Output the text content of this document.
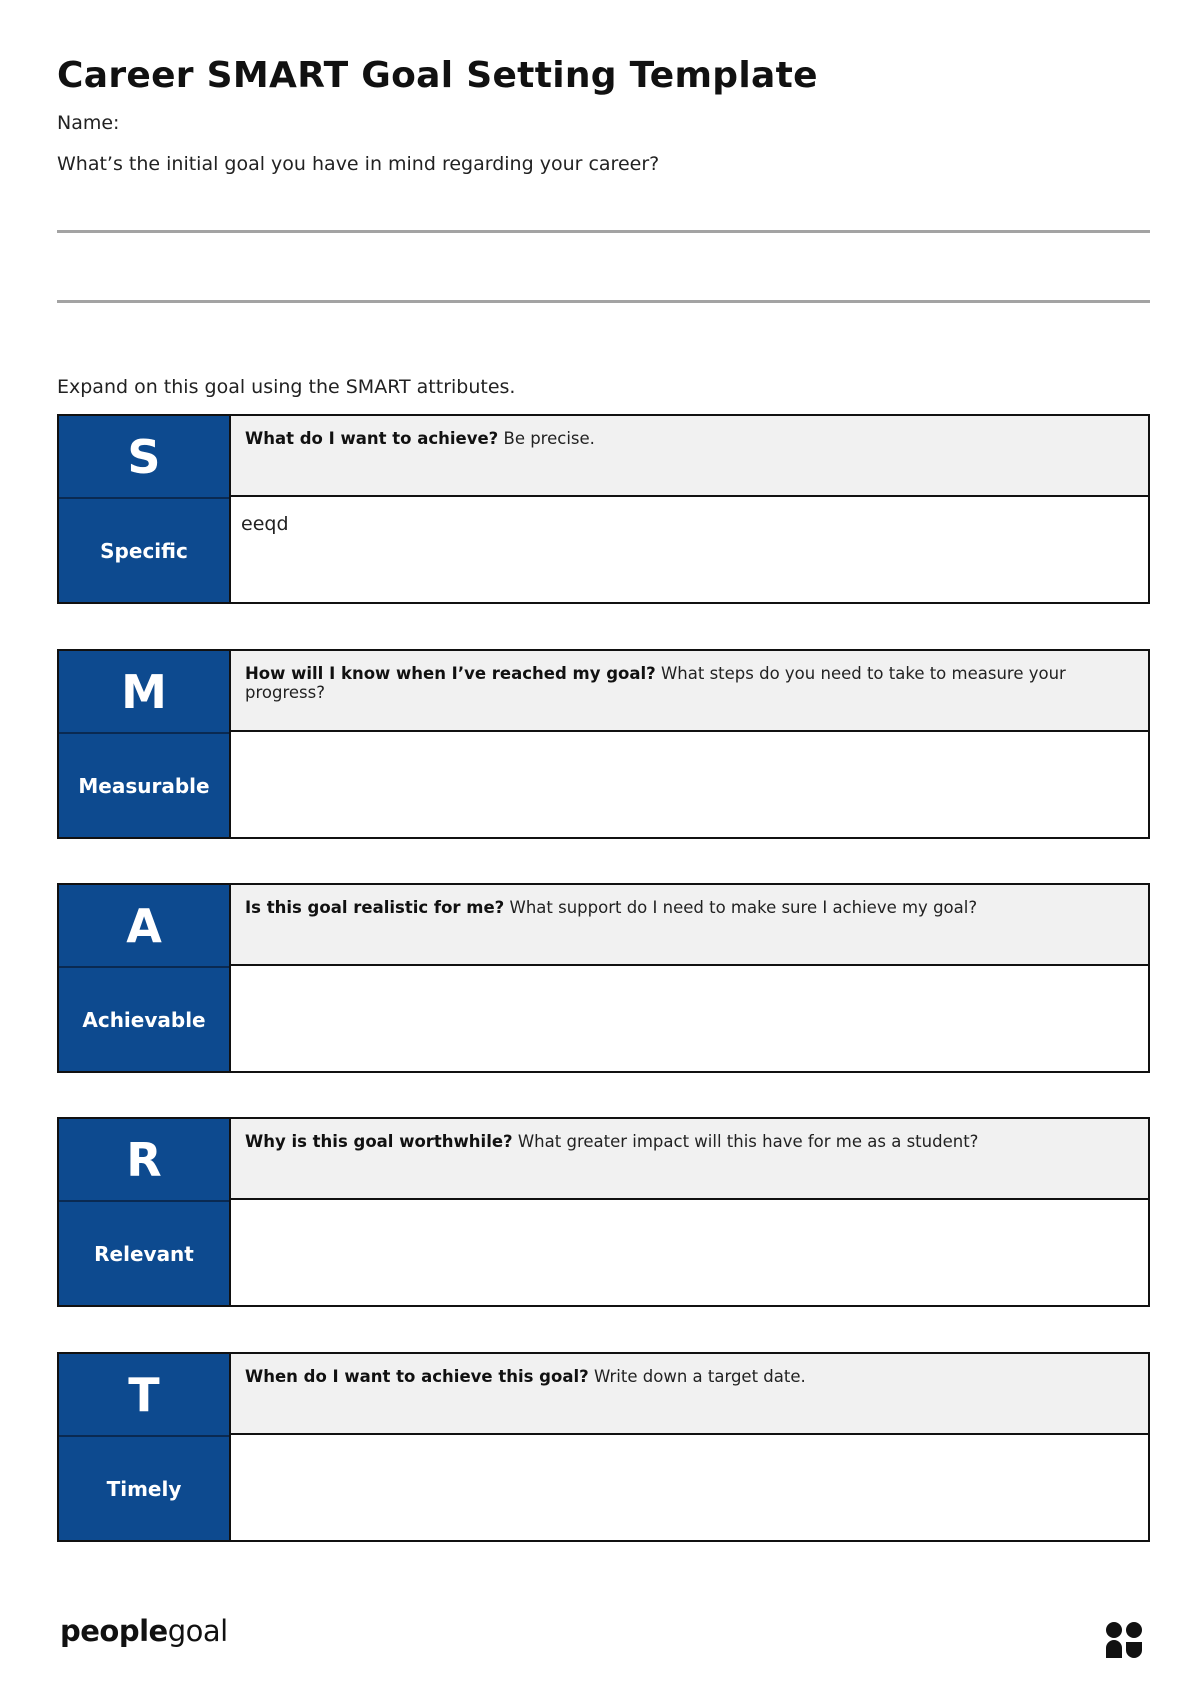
Career SMART Goal Setting Template
Name:
What’s the initial goal you have in mind regarding your career?
Expand on this goal using the SMART attributes.
S
Specific
What do I want to achieve? Be precise.
eeqd
M
Measurable
How will I know when I’ve reached my goal? What steps do you need to take to measure your progress?
A
Achievable
Is this goal realistic for me? What support do I need to make sure I achieve my goal?
R
Relevant
Why is this goal worthwhile? What greater impact will this have for me as a student?
T
Timely
When do I want to achieve this goal? Write down a target date.
peoplegoal
